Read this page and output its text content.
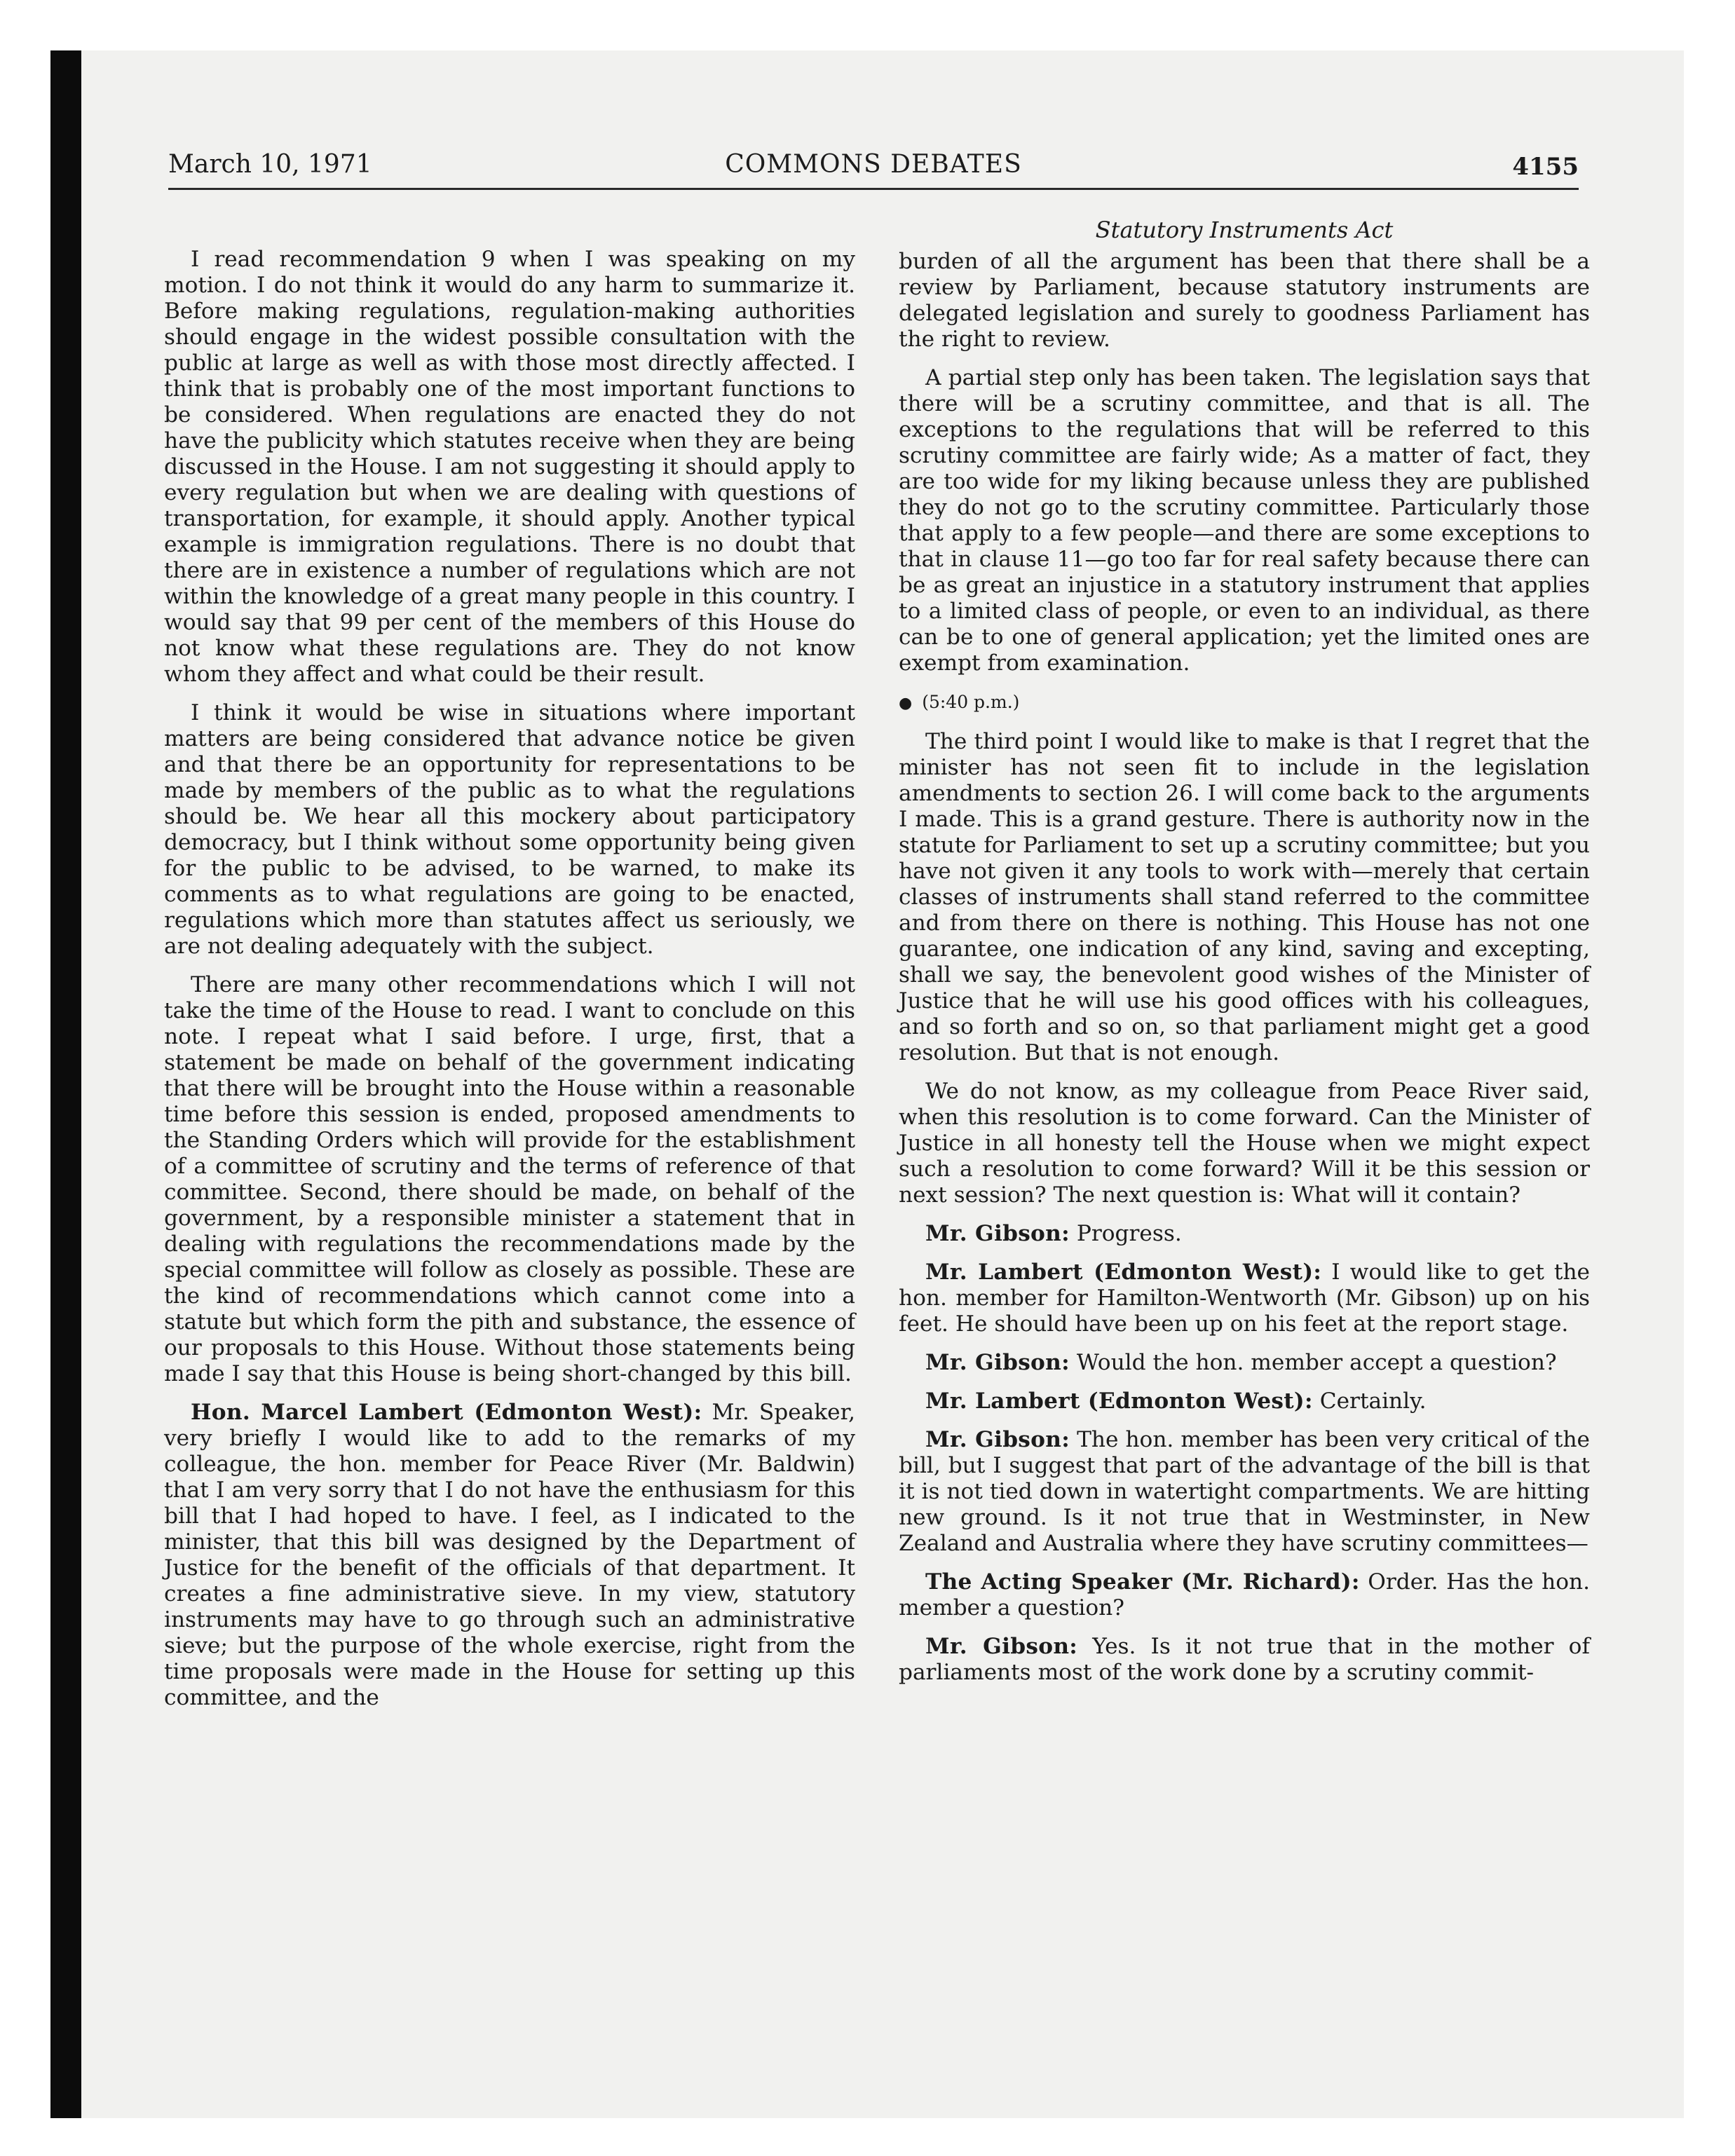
March 10, 1971	COMMONS DEBATES	4155

I read recommendation 9 when I was speaking on my motion. I do not think it would do any harm to summarize it. Before making regulations, regulation-making authorities should engage in the widest possible consultation with the public at large as well as with those most directly affected. I think that is probably one of the most important functions to be considered. When regulations are enacted they do not have the publicity which statutes receive when they are being discussed in the House. I am not suggesting it should apply to every regulation but when we are dealing with questions of transportation, for example, it should apply. Another typical example is immigration regulations. There is no doubt that there are in existence a number of regulations which are not within the knowledge of a great many people in this country. I would say that 99 per cent of the members of this House do not know what these regulations are. They do not know whom they affect and what could be their result.

I think it would be wise in situations where important matters are being considered that advance notice be given and that there be an opportunity for representations to be made by members of the public as to what the regulations should be. We hear all this mockery about participatory democracy, but I think without some opportunity being given for the public to be advised, to be warned, to make its comments as to what regulations are going to be enacted, regulations which more than statutes affect us seriously, we are not dealing adequately with the subject.

There are many other recommendations which I will not take the time of the House to read. I want to conclude on this note. I repeat what I said before. I urge, first, that a statement be made on behalf of the government indicating that there will be brought into the House within a reasonable time before this session is ended, proposed amendments to the Standing Orders which will provide for the establishment of a committee of scrutiny and the terms of reference of that committee. Second, there should be made, on behalf of the government, by a responsible minister a statement that in dealing with regulations the recommendations made by the special committee will follow as closely as possible. These are the kind of recommendations which cannot come into a statute but which form the pith and substance, the essence of our proposals to this House. Without those statements being made I say that this House is being short-changed by this bill.

Hon. Marcel Lambert (Edmonton West): Mr. Speaker, very briefly I would like to add to the remarks of my colleague, the hon. member for Peace River (Mr. Baldwin) that I am very sorry that I do not have the enthusiasm for this bill that I had hoped to have. I feel, as I indicated to the minister, that this bill was designed by the Department of Justice for the benefit of the officials of that department. It creates a fine administrative sieve. In my view, statutory instruments may have to go through such an administrative sieve; but the purpose of the whole exercise, right from the time proposals were made in the House for setting up this committee, and the

Statutory Instruments Act

burden of all the argument has been that there shall be a review by Parliament, because statutory instruments are delegated legislation and surely to goodness Parliament has the right to review.

A partial step only has been taken. The legislation says that there will be a scrutiny committee, and that is all. The exceptions to the regulations that will be referred to this scrutiny committee are fairly wide; As a matter of fact, they are too wide for my liking because unless they are published they do not go to the scrutiny committee. Particularly those that apply to a few people—and there are some exceptions to that in clause 11—go too far for real safety because there can be as great an injustice in a statutory instrument that applies to a limited class of people, or even to an individual, as there can be to one of general application; yet the limited ones are exempt from examination.

● (5:40 p.m.)

The third point I would like to make is that I regret that the minister has not seen fit to include in the legislation amendments to section 26. I will come back to the arguments I made. This is a grand gesture. There is authority now in the statute for Parliament to set up a scrutiny committee; but you have not given it any tools to work with—merely that certain classes of instruments shall stand referred to the committee and from there on there is nothing. This House has not one guarantee, one indication of any kind, saving and excepting, shall we say, the benevolent good wishes of the Minister of Justice that he will use his good offices with his colleagues, and so forth and so on, so that parliament might get a good resolution. But that is not enough.

We do not know, as my colleague from Peace River said, when this resolution is to come forward. Can the Minister of Justice in all honesty tell the House when we might expect such a resolution to come forward? Will it be this session or next session? The next question is: What will it contain?

Mr. Gibson: Progress.

Mr. Lambert (Edmonton West): I would like to get the hon. member for Hamilton-Wentworth (Mr. Gibson) up on his feet. He should have been up on his feet at the report stage.

Mr. Gibson: Would the hon. member accept a question?

Mr. Lambert (Edmonton West): Certainly.

Mr. Gibson: The hon. member has been very critical of the bill, but I suggest that part of the advantage of the bill is that it is not tied down in watertight compartments. We are hitting new ground. Is it not true that in Westminster, in New Zealand and Australia where they have scrutiny committees—

The Acting Speaker (Mr. Richard): Order. Has the hon. member a question?

Mr. Gibson: Yes. Is it not true that in the mother of parliaments most of the work done by a scrutiny commit-
